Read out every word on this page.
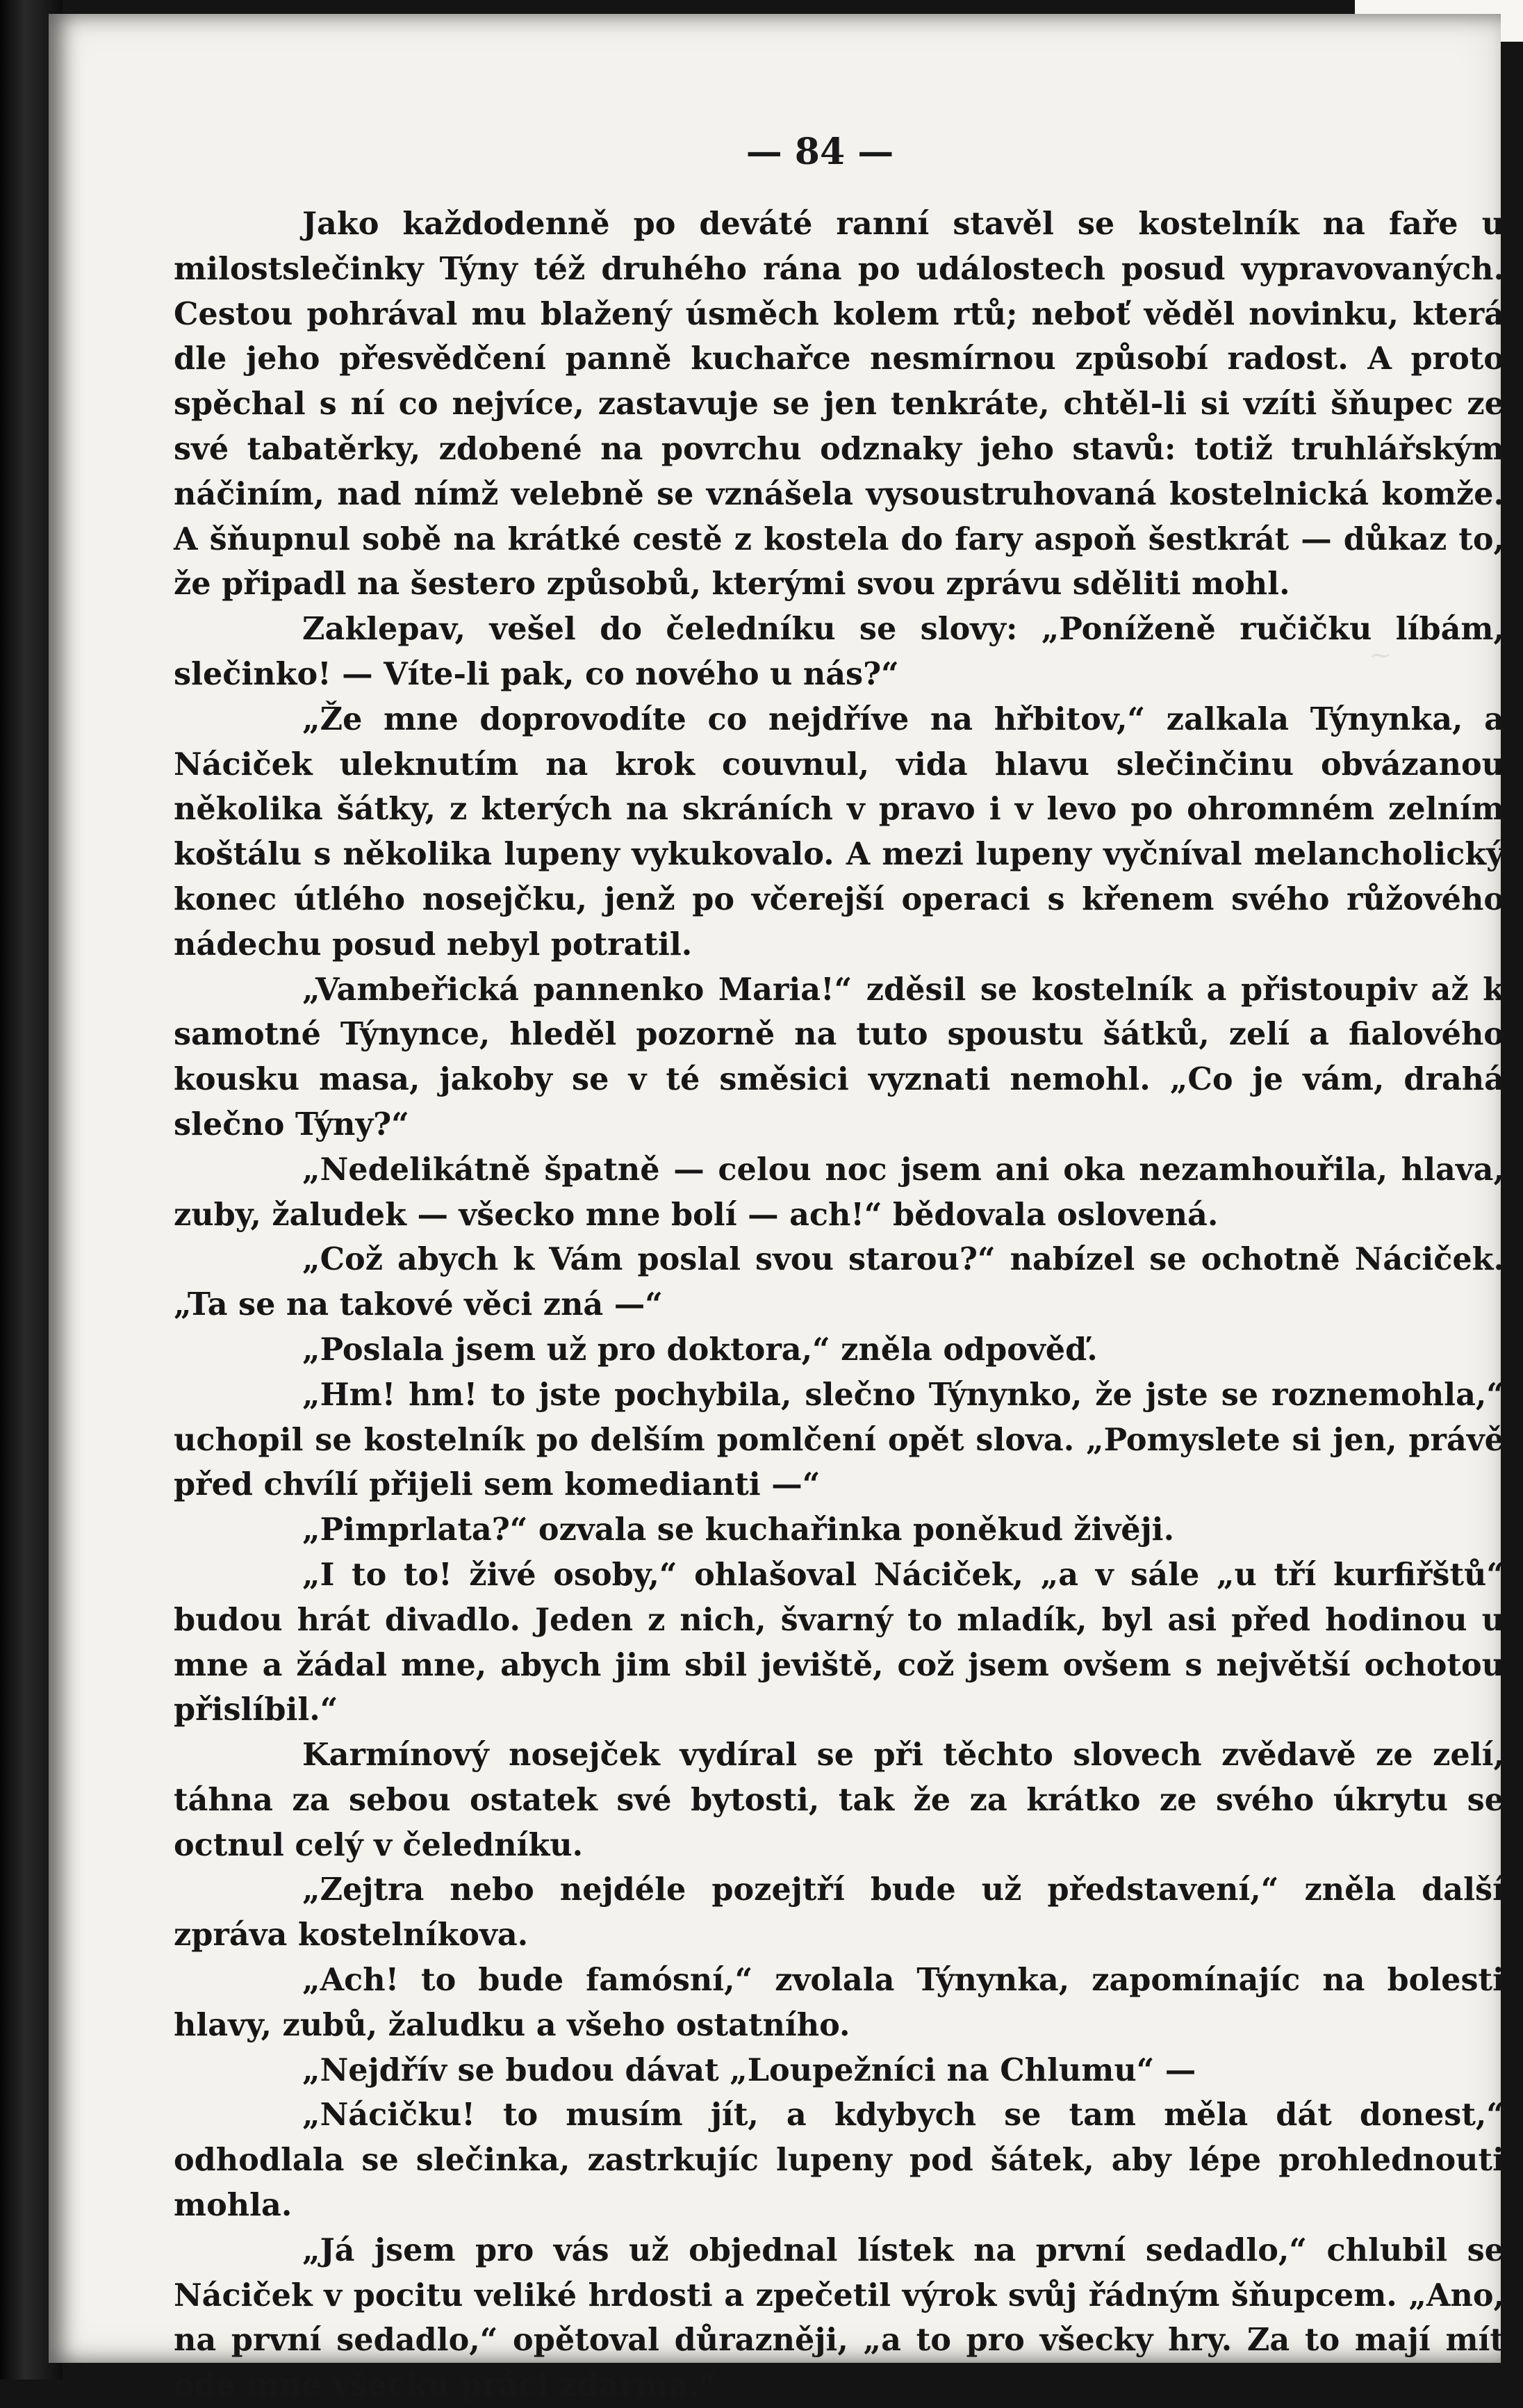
~
— 84 —

Jako každodenně po deváté ranní stavěl se kostelník na faře u milostslečinky Týny též druhého rána po událostech posud vypravovaných. Cestou pohrával mu blažený úsměch kolem rtů; neboť věděl novinku, která dle jeho přesvědčení panně kuchařce nesmírnou způsobí radost. A proto spěchal s ní co nejvíce, zastavuje se jen tenkráte, chtěl-li si vzíti šňupec ze své tabatěrky, zdobené na povrchu odznaky jeho stavů: totiž truhlářským náčiním, nad nímž velebně se vznášela vysoustruhovaná kostelnická komže. A šňupnul sobě na krátké cestě z kostela do fary aspoň šestkrát — důkaz to, že připadl na šestero způsobů, kterými svou zprávu sděliti mohl.

Zaklepav, vešel do čeledníku se slovy: „Poníženě ručičku líbám, slečinko! — Víte-li pak, co nového u nás?“

„Že mne doprovodíte co nejdříve na hřbitov,“ zalkala Týnynka, a Náciček uleknutím na krok couvnul, vida hlavu slečinčinu obvázanou několika šátky, z kterých na skráních v pravo i v levo po ohromném zelním koštálu s několika lupeny vykukovalo. A mezi lupeny vyčníval melancholický konec útlého nosejčku, jenž po včerejší operaci s křenem svého růžového nádechu posud nebyl potratil.

„Vambeřická pannenko Maria!“ zděsil se kostelník a přistoupiv až k samotné Týnynce, hleděl pozorně na tuto spoustu šátků, zelí a fialového kousku masa, jakoby se v té směsici vyznati nemohl. „Co je vám, drahá slečno Týny?“

„Nedelikátně špatně — celou noc jsem ani oka nezamhouřila, hlava, zuby, žaludek — všecko mne bolí — ach!“ bědovala oslovená.

„Což abych k Vám poslal svou starou?“ nabízel se ochotně Náciček. „Ta se na takové věci zná —“

„Poslala jsem už pro doktora,“ zněla odpověď.

„Hm! hm! to jste pochybila, slečno Týnynko, že jste se roznemohla,“ uchopil se kostelník po delším pomlčení opět slova. „Pomyslete si jen, právě před chvílí přijeli sem komedianti —“

„Pimprlata?“ ozvala se kuchařinka poněkud živěji.

„I to to! živé osoby,“ ohlašoval Náciček, „a v sále „u tří kurfiřštů“ budou hrát divadlo. Jeden z nich, švarný to mladík, byl asi před hodinou u mne a žádal mne, abych jim sbil jeviště, což jsem ovšem s největší ochotou přislíbil.“

Karmínový nosejček vydíral se při těchto slovech zvědavě ze zelí, táhna za sebou ostatek své bytosti, tak že za krátko ze svého úkrytu se octnul celý v čeledníku.

„Zejtra nebo nejdéle pozejtří bude už představení,“ zněla další zpráva kostelníkova.

„Ach! to bude famósní,“ zvolala Týnynka, zapomínajíc na bolesti hlavy, zubů, žaludku a všeho ostatního.

„Nejdřív se budou dávat „Loupežníci na Chlumu“ —

„Nácičku! to musím jít, a kdybych se tam měla dát donest,“ odhodlala se slečinka, zastrkujíc lupeny pod šátek, aby lépe prohlednouti mohla.

„Já jsem pro vás už objednal lístek na první sedadlo,“ chlubil se Náciček v pocitu veliké hrdosti a zpečetil výrok svůj řádným šňupcem. „Ano, na první sedadlo,“ opětoval důrazněji, „a to pro všecky hry. Za to mají mít ode mne všecku práci zdarma.“
